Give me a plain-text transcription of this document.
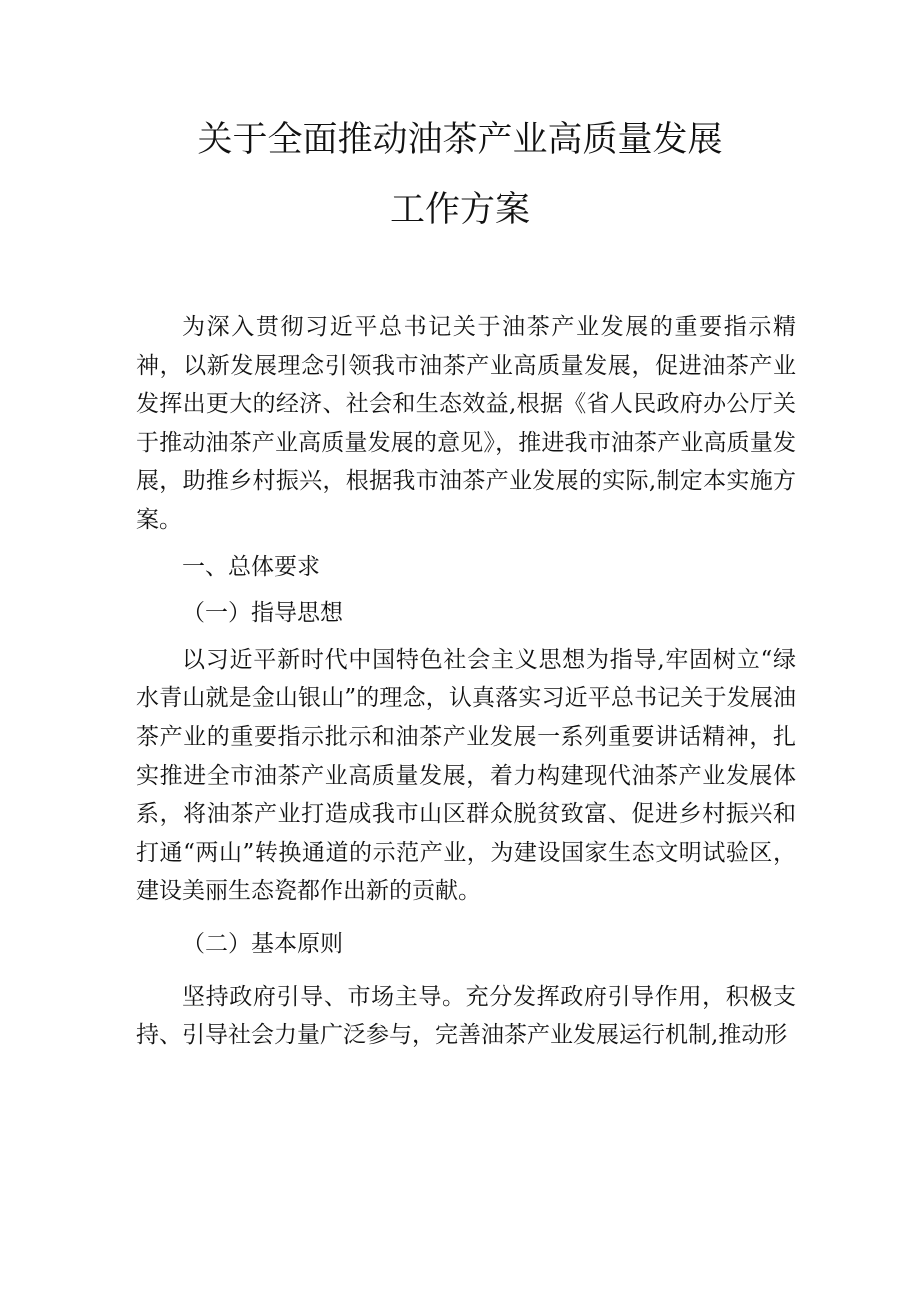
关于全面推动油茶产业高质量发展
工作方案

为深入贯彻习近平总书记关于油茶产业发展的重要指示精神，以新发展理念引领我市油茶产业高质量发展，促进油茶产业发挥出更大的经济、社会和生态效益,根据《省人民政府办公厅关于推动油茶产业高质量发展的意见》，推进我市油茶产业高质量发展，助推乡村振兴，根据我市油茶产业发展的实际,制定本实施方案。

一、总体要求

（一）指导思想

以习近平新时代中国特色社会主义思想为指导,牢固树立“绿水青山就是金山银山”的理念，认真落实习近平总书记关于发展油茶产业的重要指示批示和油茶产业发展一系列重要讲话精神，扎实推进全市油茶产业高质量发展，着力构建现代油茶产业发展体系，将油茶产业打造成我市山区群众脱贫致富、促进乡村振兴和打通“两山”转换通道的示范产业，为建设国家生态文明试验区，建设美丽生态瓷都作出新的贡献。

（二）基本原则

坚持政府引导、市场主导。充分发挥政府引导作用，积极支持、引导社会力量广泛参与，完善油茶产业发展运行机制,推动形
